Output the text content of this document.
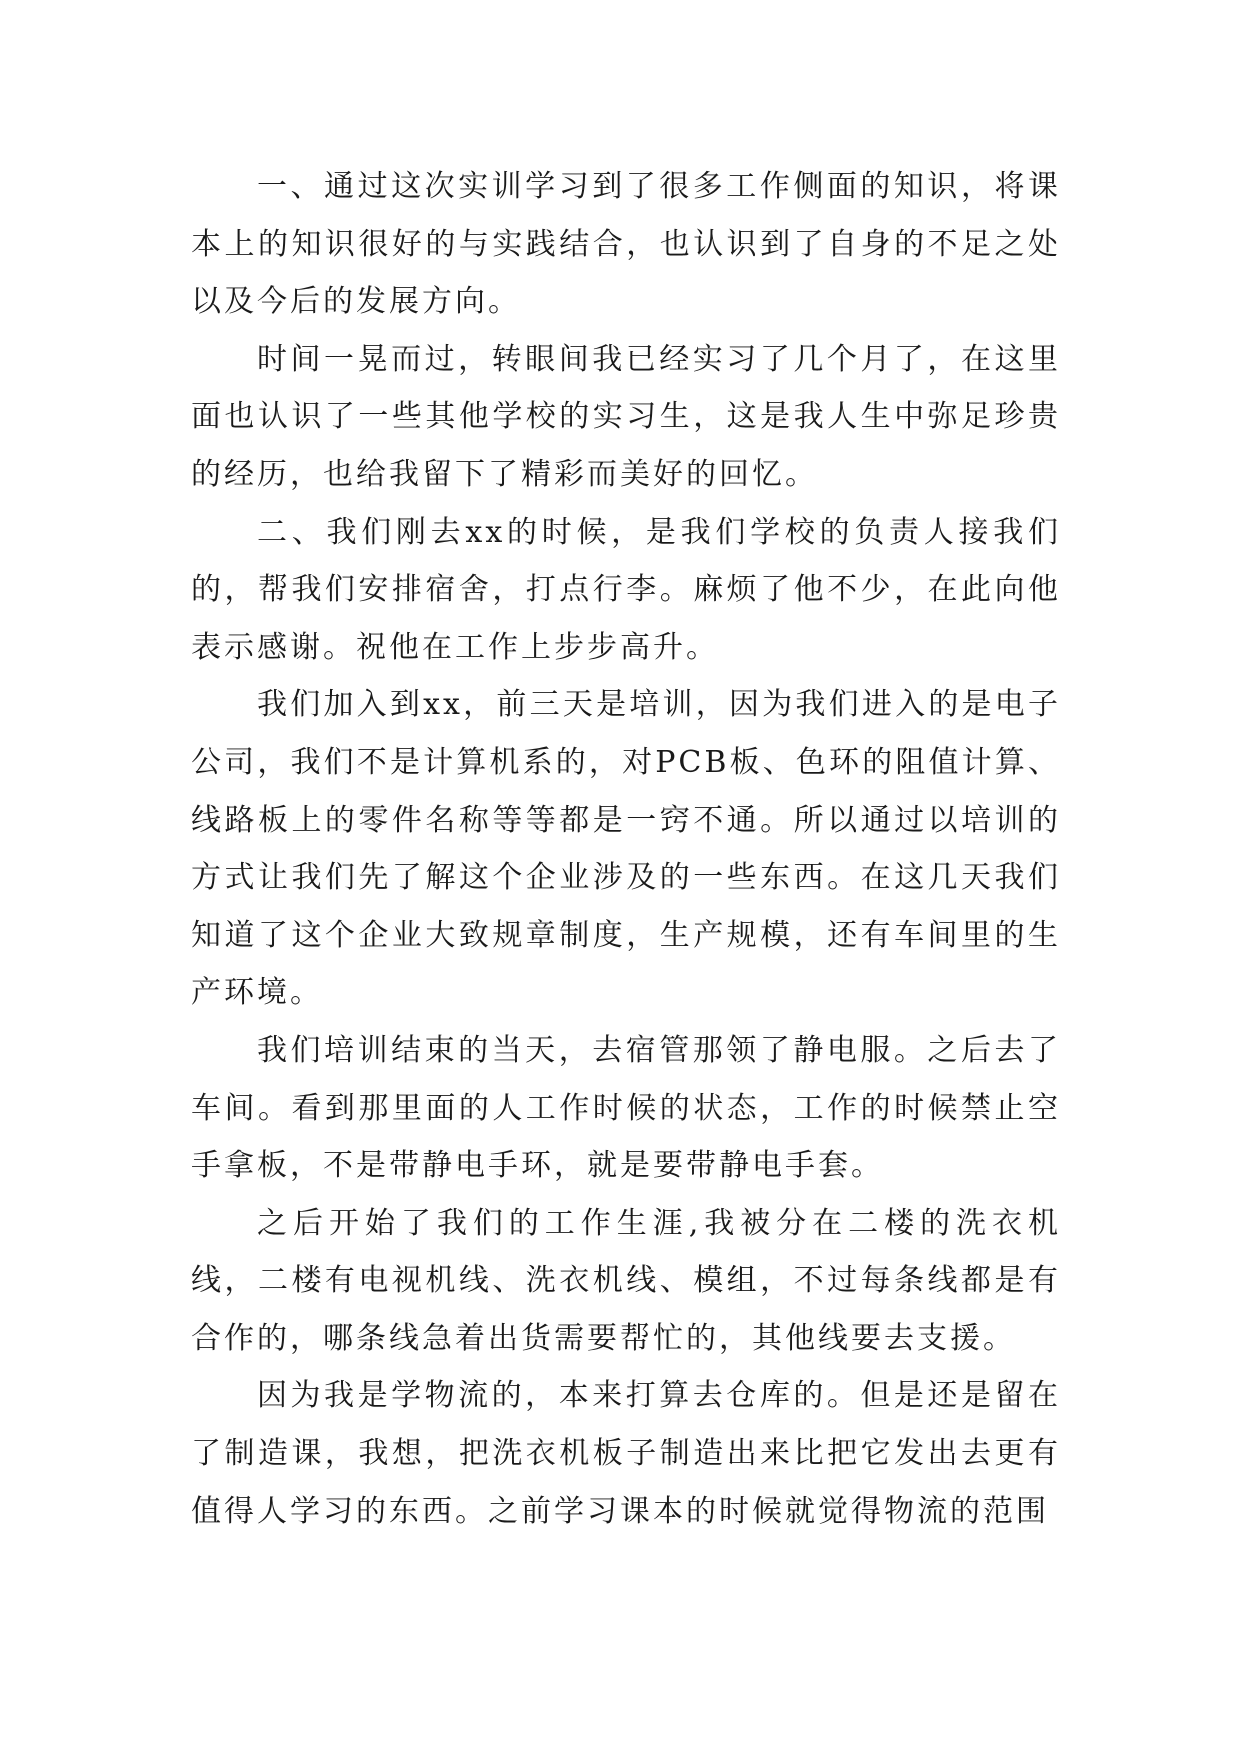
一、通过这次实训学习到了很多工作侧面的知识，将课本上的知识很好的与实践结合，也认识到了自身的不足之处以及今后的发展方向。

时间一晃而过，转眼间我已经实习了几个月了，在这里面也认识了一些其他学校的实习生，这是我人生中弥足珍贵的经历，也给我留下了精彩而美好的回忆。

二、我们刚去xx的时候，是我们学校的负责人接我们的，帮我们安排宿舍，打点行李。麻烦了他不少，在此向他表示感谢。祝他在工作上步步高升。

我们加入到xx，前三天是培训，因为我们进入的是电子公司，我们不是计算机系的，对PCB板、色环的阻值计算、线路板上的零件名称等等都是一窍不通。所以通过以培训的方式让我们先了解这个企业涉及的一些东西。在这几天我们知道了这个企业大致规章制度，生产规模，还有车间里的生产环境。

我们培训结束的当天，去宿管那领了静电服。之后去了车间。看到那里面的人工作时候的状态，工作的时候禁止空手拿板，不是带静电手环，就是要带静电手套。

之后开始了我们的工作生涯,我被分在二楼的洗衣机线，二楼有电视机线、洗衣机线、模组，不过每条线都是有合作的，哪条线急着出货需要帮忙的，其他线要去支援。

因为我是学物流的，本来打算去仓库的。但是还是留在了制造课，我想，把洗衣机板子制造出来比把它发出去更有值得人学习的东西。之前学习课本的时候就觉得物流的范围
